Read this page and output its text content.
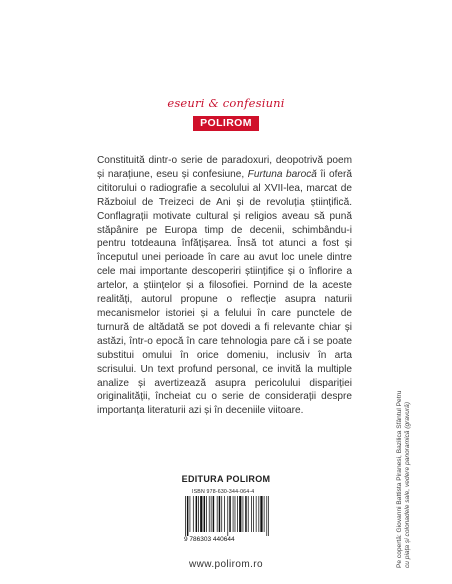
eseuri & confesiuni
POLIROM

Constituită dintr-o serie de paradoxuri, deopotrivă poem și narațiune, eseu și confesiune, Furtuna barocă îi oferă cititorului o radiografie a secolului al XVII-lea, marcat de Războiul de Treizeci de Ani și de revoluția științifică. Conflagrații motivate cultural și religios aveau să pună stăpânire pe Europa timp de decenii, schimbându-i pentru totdeauna înfățișarea. Însă tot atunci a fost și începutul unei perioade în care au avut loc unele dintre cele mai importante descoperiri științifice și o înflorire a artelor, a științelor și a filosofiei. Pornind de la aceste realități, autorul propune o reflecție asupra naturii mecanismelor istoriei și a felului în care punctele de turnură de altădată se pot dovedi a fi relevante chiar și astăzi, într-o epocă în care tehnologia pare că i se poate substitui omului în orice domeniu, inclusiv în arta scrisului. Un text profund personal, ce invită la multiple analize și avertizează asupra pericolului dispariției originalității, încheiat cu o serie de considerații despre importanța literaturii azi și în deceniile viitoare.

EDITURA POLIROM
ISBN 978-630-344-064-4
9 786303 440644
www.polirom.ro	Pe copertă: Giovanni Battista Piranesi, Bazilica Sfântul Petru cu piața și colonadele sale, vedere panoramică (gravură)
